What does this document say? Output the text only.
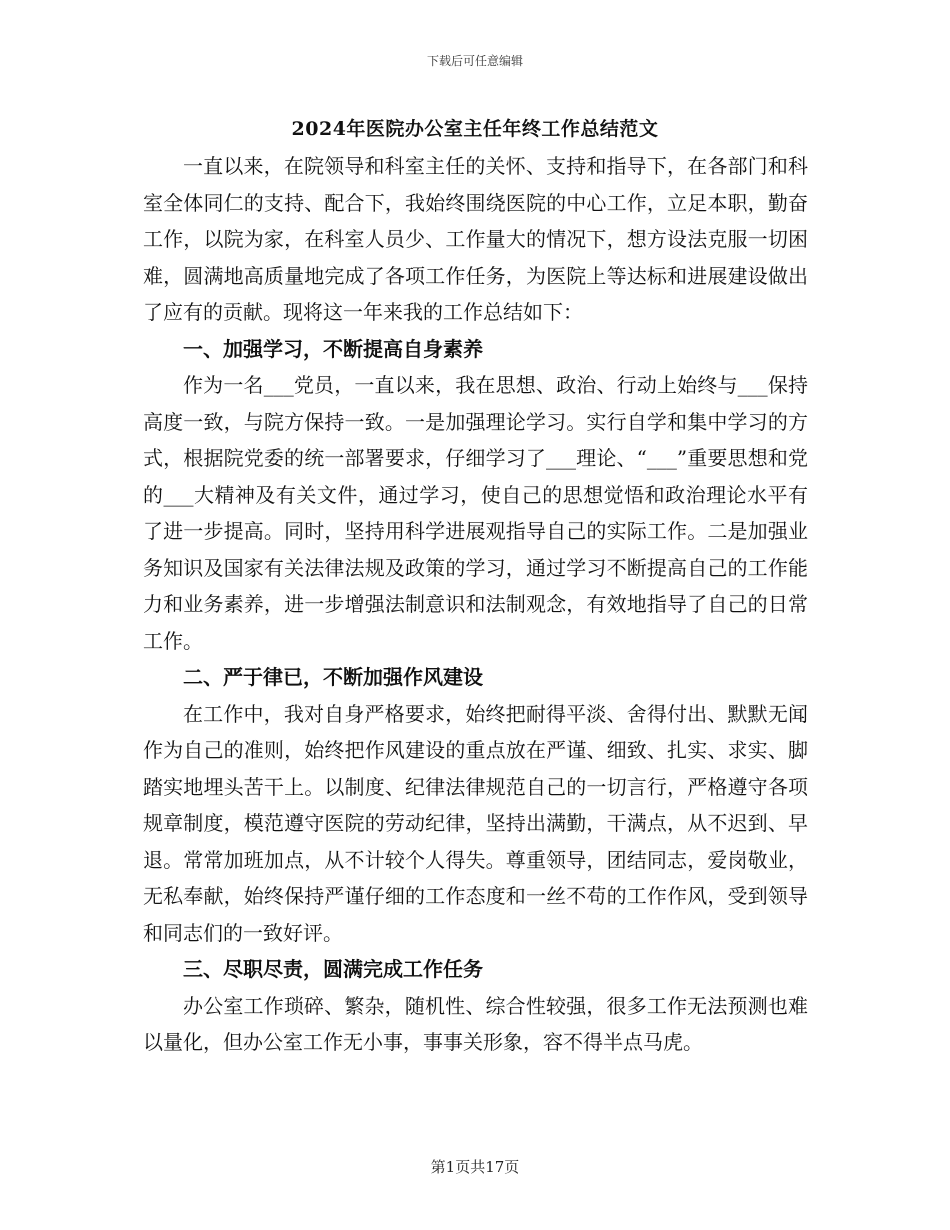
下载后可任意编辑
2024年医院办公室主任年终工作总结范文

一直以来，在院领导和科室主任的关怀、支持和指导下，在各部门和科室全体同仁的支持、配合下，我始终围绕医院的中心工作，立足本职，勤奋工作，以院为家，在科室人员少、工作量大的情况下，想方设法克服一切困难，圆满地高质量地完成了各项工作任务，为医院上等达标和进展建设做出了应有的贡献。现将这一年来我的工作总结如下：

一、加强学习，不断提高自身素养

作为一名___党员，一直以来，我在思想、政治、行动上始终与___保持高度一致，与院方保持一致。一是加强理论学习。实行自学和集中学习的方式，根据院党委的统一部署要求，仔细学习了___理论、“___”重要思想和党的___大精神及有关文件，通过学习，使自己的思想觉悟和政治理论水平有了进一步提高。同时，坚持用科学进展观指导自己的实际工作。二是加强业务知识及国家有关法律法规及政策的学习，通过学习不断提高自己的工作能力和业务素养，进一步增强法制意识和法制观念，有效地指导了自己的日常工作。

二、严于律已，不断加强作风建设

在工作中，我对自身严格要求，始终把耐得平淡、舍得付出、默默无闻作为自己的准则，始终把作风建设的重点放在严谨、细致、扎实、求实、脚踏实地埋头苦干上。以制度、纪律法律规范自己的一切言行，严格遵守各项规章制度，模范遵守医院的劳动纪律，坚持出满勤，干满点，从不迟到、早退。常常加班加点，从不计较个人得失。尊重领导，团结同志，爱岗敬业，无私奉献，始终保持严谨仔细的工作态度和一丝不苟的工作作风，受到领导和同志们的一致好评。

三、尽职尽责，圆满完成工作任务

办公室工作琐碎、繁杂，随机性、综合性较强，很多工作无法预测也难以量化，但办公室工作无小事，事事关形象，容不得半点马虎。

第1页共17页
